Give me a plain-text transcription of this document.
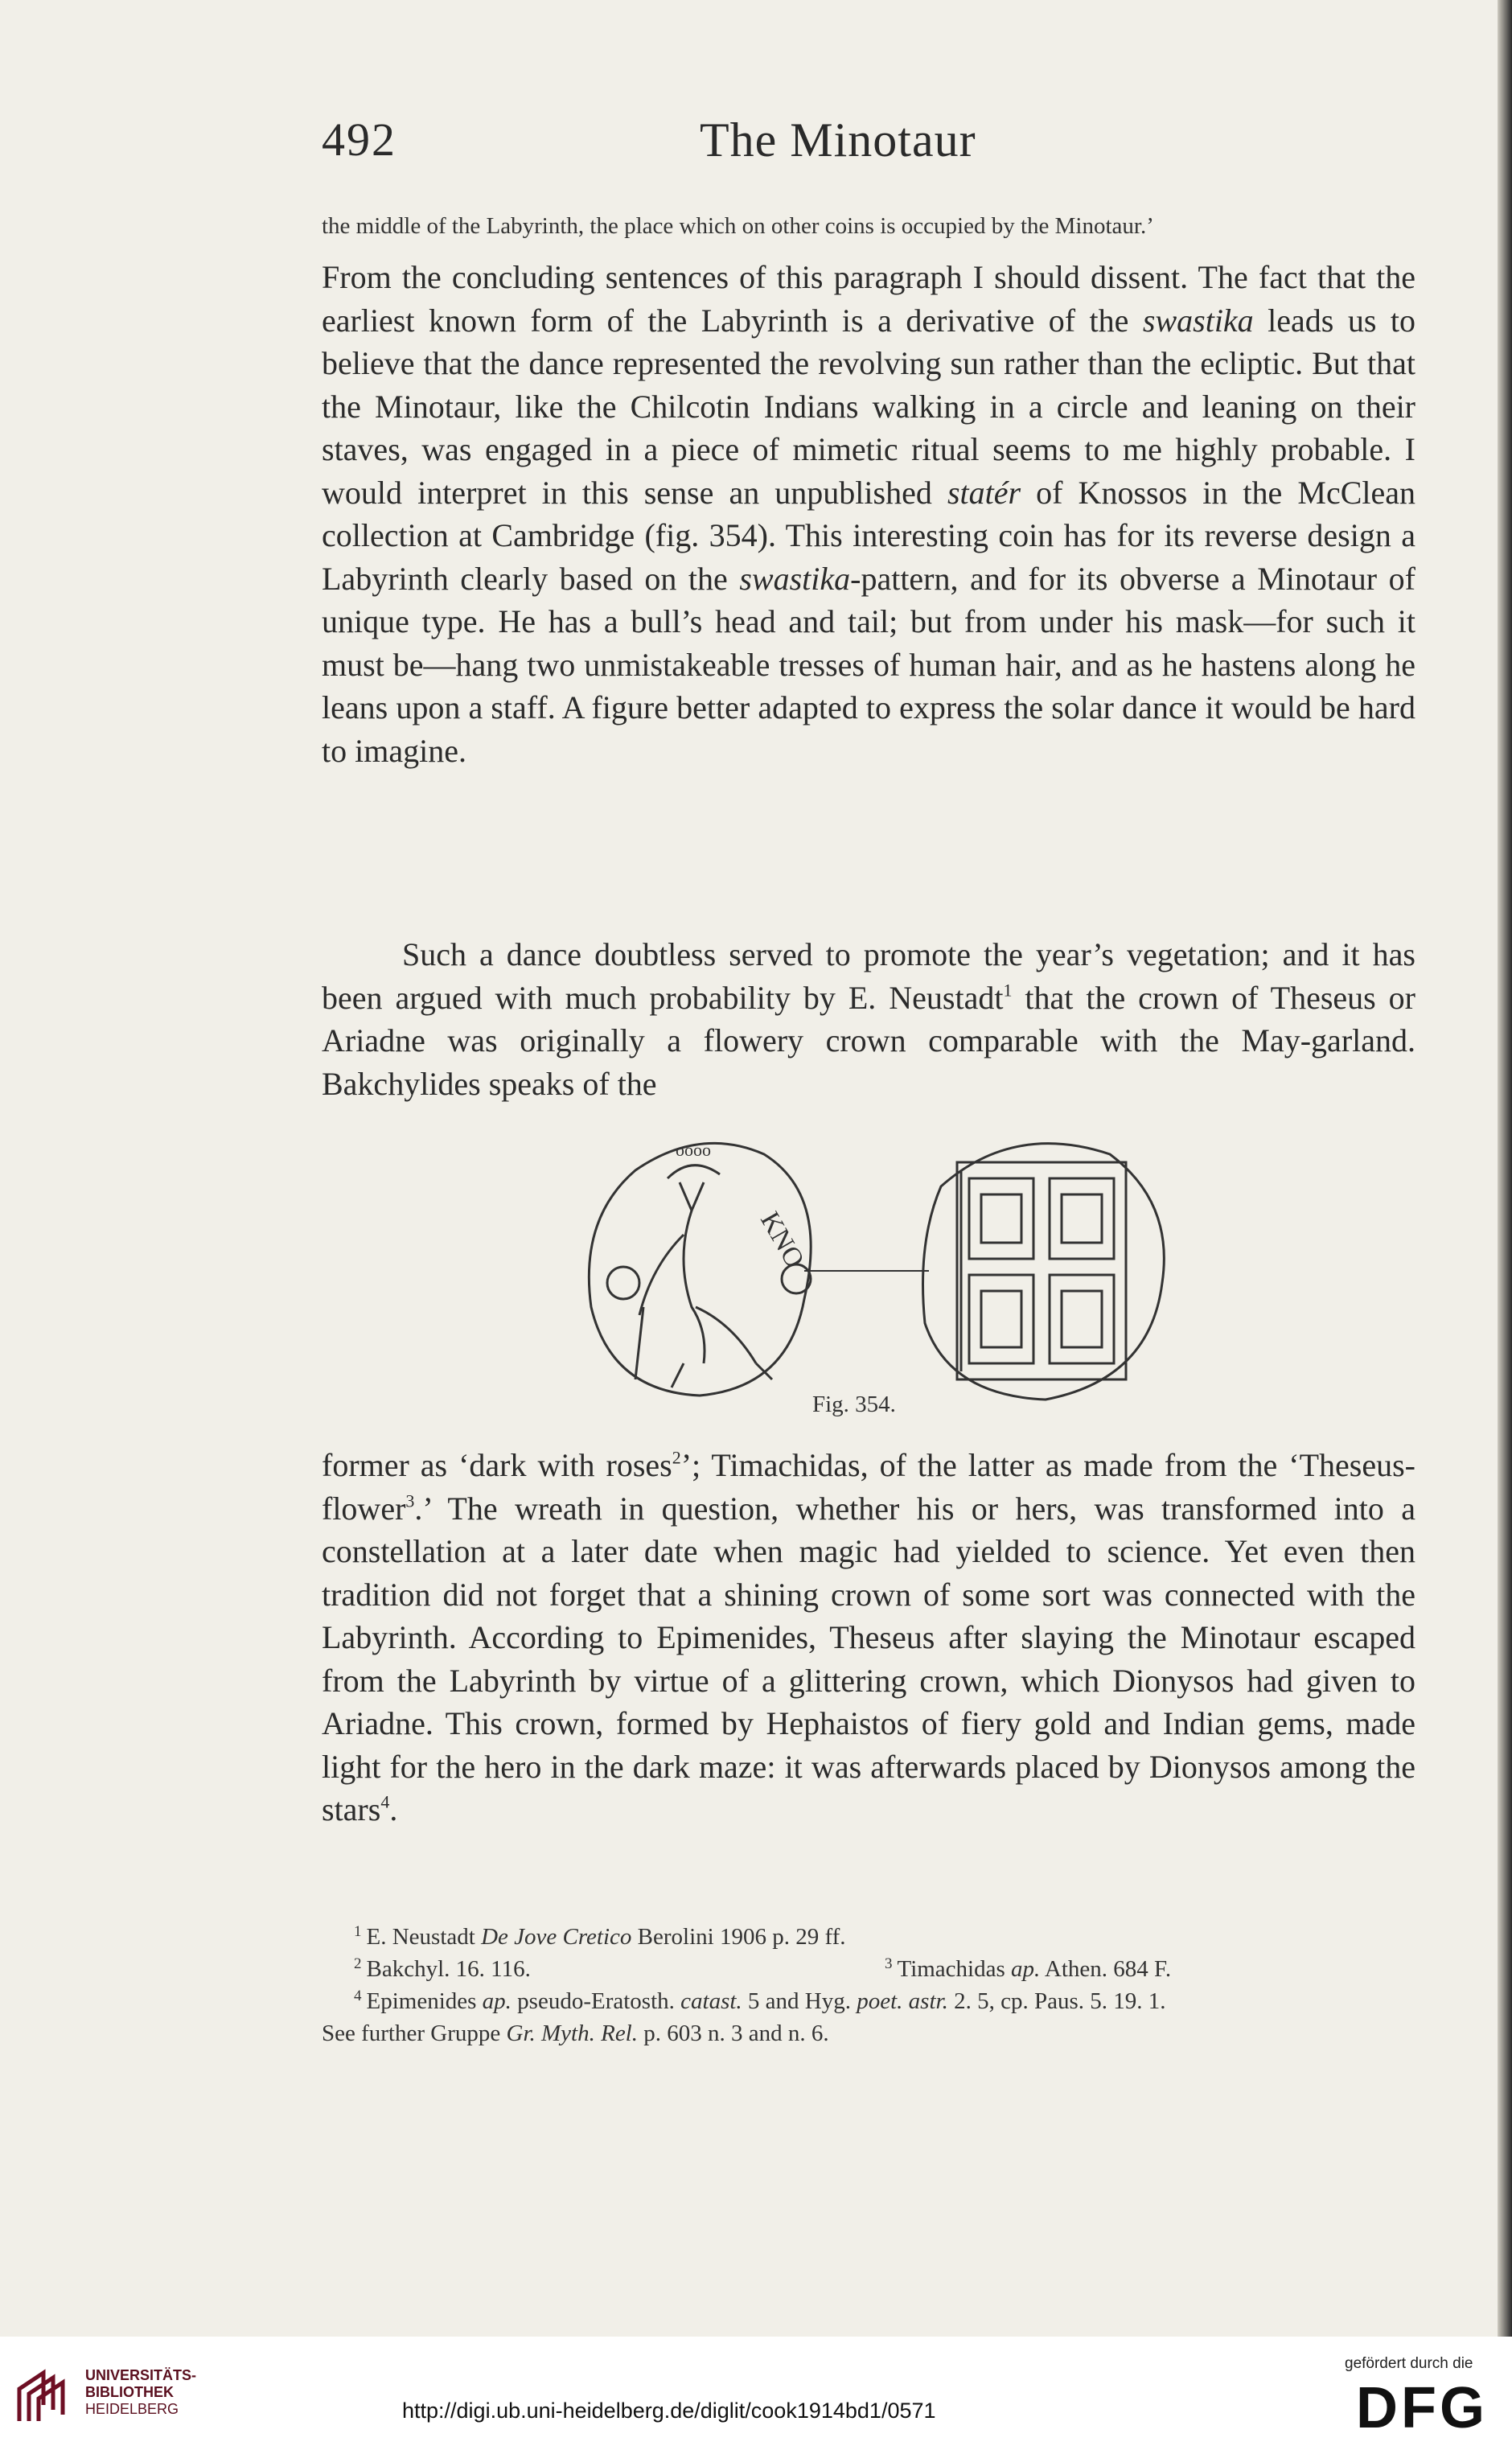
492	The Minotaur
the middle of the Labyrinth, the place which on other coins is occupied by the Minotaur.’
From the concluding sentences of this paragraph I should dissent. The fact that the earliest known form of the Labyrinth is a derivative of the swastika leads us to believe that the dance represented the revolving sun rather than the ecliptic. But that the Minotaur, like the Chilcotin Indians walking in a circle and leaning on their staves, was engaged in a piece of mimetic ritual seems to me highly probable. I would interpret in this sense an unpublished statér of Knossos in the McClean collection at Cambridge (fig. 354). This interesting coin has for its reverse design a Labyrinth clearly based on the swastika-pattern, and for its obverse a Minotaur of unique type. He has a bull’s head and tail; but from under his mask—for such it must be—hang two unmistakeable tresses of human hair, and as he hastens along he leans upon a staff. A figure better adapted to express the solar dance it would be hard to imagine.
Such a dance doubtless served to promote the year’s vegetation; and it has been argued with much probability by E. Neustadt$^1$ that the crown of Theseus or Ariadne was originally a flowery crown comparable with the May-garland. Bakchylides speaks of the
KNO
oooo
Fig. 354.
former as ‘dark with roses$^2$’; Timachidas, of the latter as made from the ‘Theseus-flower$^3$.’ The wreath in question, whether his or hers, was transformed into a constellation at a later date when magic had yielded to science. Yet even then tradition did not forget that a shining crown of some sort was connected with the Labyrinth. According to Epimenides, Theseus after slaying the Minotaur escaped from the Labyrinth by virtue of a glittering crown, which Dionysos had given to Ariadne. This crown, formed by Hephaistos of fiery gold and Indian gems, made light for the hero in the dark maze: it was afterwards placed by Dionysos among the stars$^4$.
$^1$ E. Neustadt De Jove Cretico Berolini 1906 p. 29 ff.
$^2$ Bakchyl. 16. 116.	$^3$ Timachidas ap. Athen. 684 F.
$^4$ Epimenides ap. pseudo-Eratosth. catast. 5 and Hyg. poet. astr. 2. 5, cp. Paus. 5. 19. 1.
See further Gruppe Gr. Myth. Rel. p. 603 n. 3 and n. 6.
UNIVERSITÄTS-
BIBLIOTHEK
HEIDELBERG	http://digi.ub.uni-heidelberg.de/diglit/cook1914bd1/0571
gefördert durch die
DFG
